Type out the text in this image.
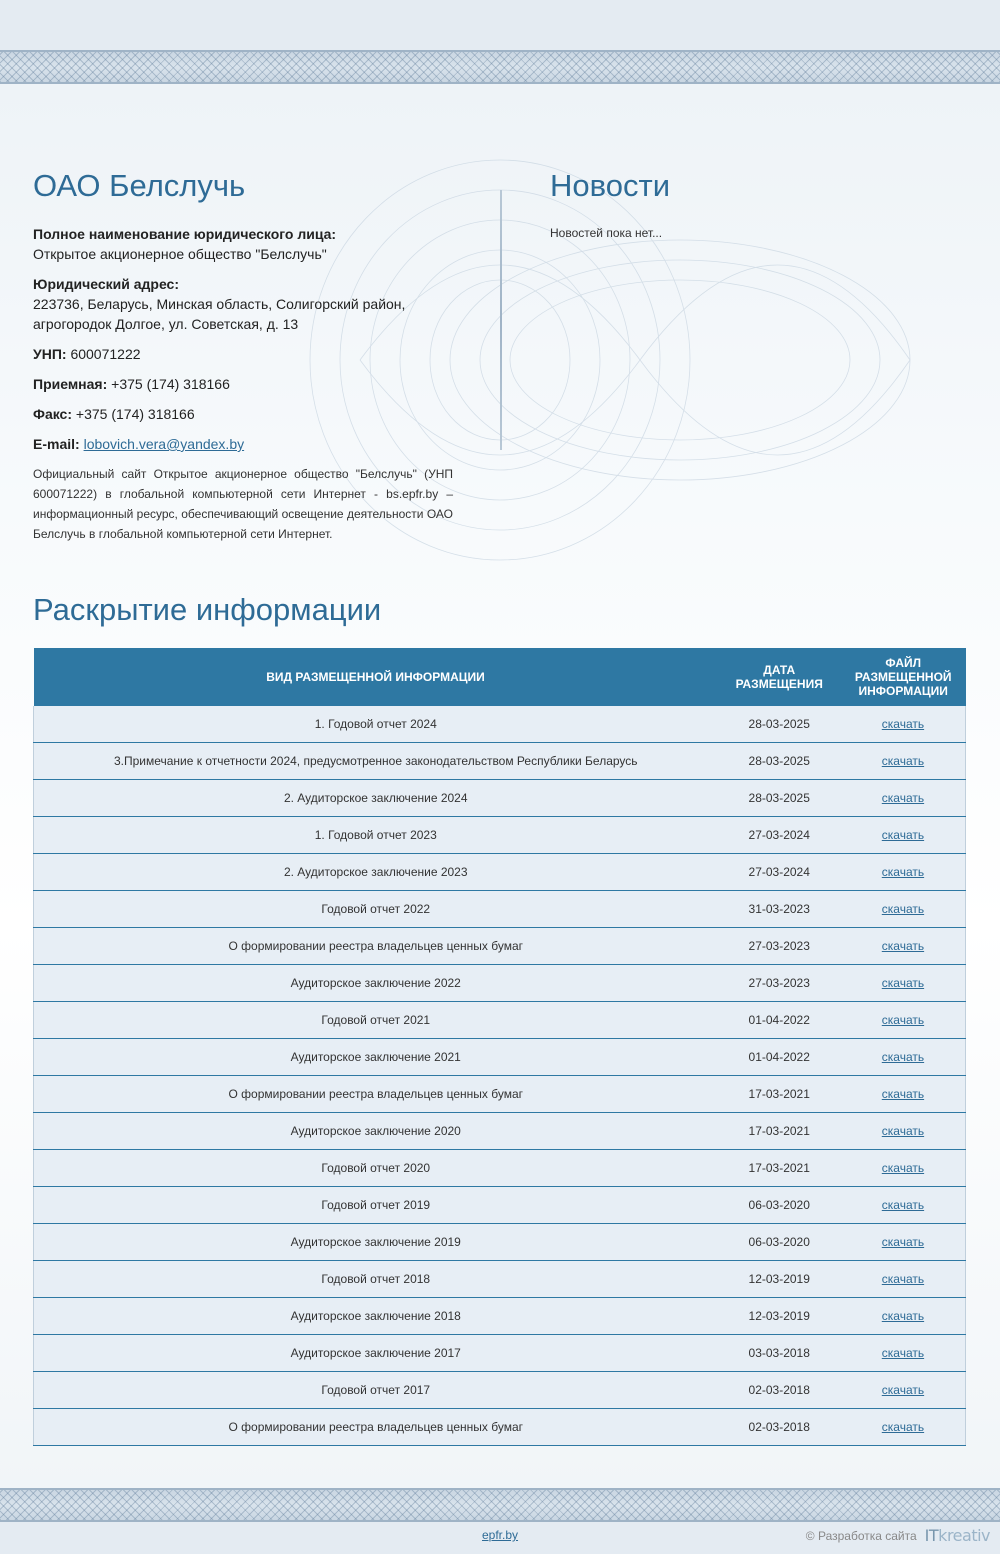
ОАО Белслучь

Полное наименование юридического лица:
Открытое акционерное общество "Белслучь"

Юридический адрес:
223736, Беларусь, Минская область, Солигорский район,
агрогородок Долгое, ул. Советская, д. 13

УНП: 600071222

Приемная: +375 (174) 318166

Факс: +375 (174) 318166

E-mail: lobovich.vera@yandex.by

Официальный сайт Открытое акционерное общество "Белслучь" (УНП 600071222) в глобальной компьютерной сети Интернет - bs.epfr.by – информационный ресурс, обеспечивающий освещение деятельности ОАО Белслучь в глобальной компьютерной сети Интернет.

Новости
Новостей пока нет...
Раскрытие информации
ВИД РАЗМЕЩЕННОЙ ИНФОРМАЦИИ	ДАТА РАЗМЕЩЕНИЯ	ФАЙЛ РАЗМЕЩЕННОЙ ИНФОРМАЦИИ
1. Годовой отчет 2024	28-03-2025	скачать
3.Примечание к отчетности 2024, предусмотренное законодательством Республики Беларусь	28-03-2025	скачать
2. Аудиторское заключение 2024	28-03-2025	скачать
1. Годовой отчет 2023	27-03-2024	скачать
2. Аудиторское заключение 2023	27-03-2024	скачать
Годовой отчет 2022	31-03-2023	скачать
О формировании реестра владельцев ценных бумаг	27-03-2023	скачать
Аудиторское заключение 2022	27-03-2023	скачать
Годовой отчет 2021	01-04-2022	скачать
Аудиторское заключение 2021	01-04-2022	скачать
О формировании реестра владельцев ценных бумаг	17-03-2021	скачать
Аудиторское заключение 2020	17-03-2021	скачать
Годовой отчет 2020	17-03-2021	скачать
Годовой отчет 2019	06-03-2020	скачать
Аудиторское заключение 2019	06-03-2020	скачать
Годовой отчет 2018	12-03-2019	скачать
Аудиторское заключение 2018	12-03-2019	скачать
Аудиторское заключение 2017	03-03-2018	скачать
Годовой отчет 2017	02-03-2018	скачать
О формировании реестра владельцев ценных бумаг	02-03-2018	скачать
epfr.by	© Разработка сайта ITkreativ
